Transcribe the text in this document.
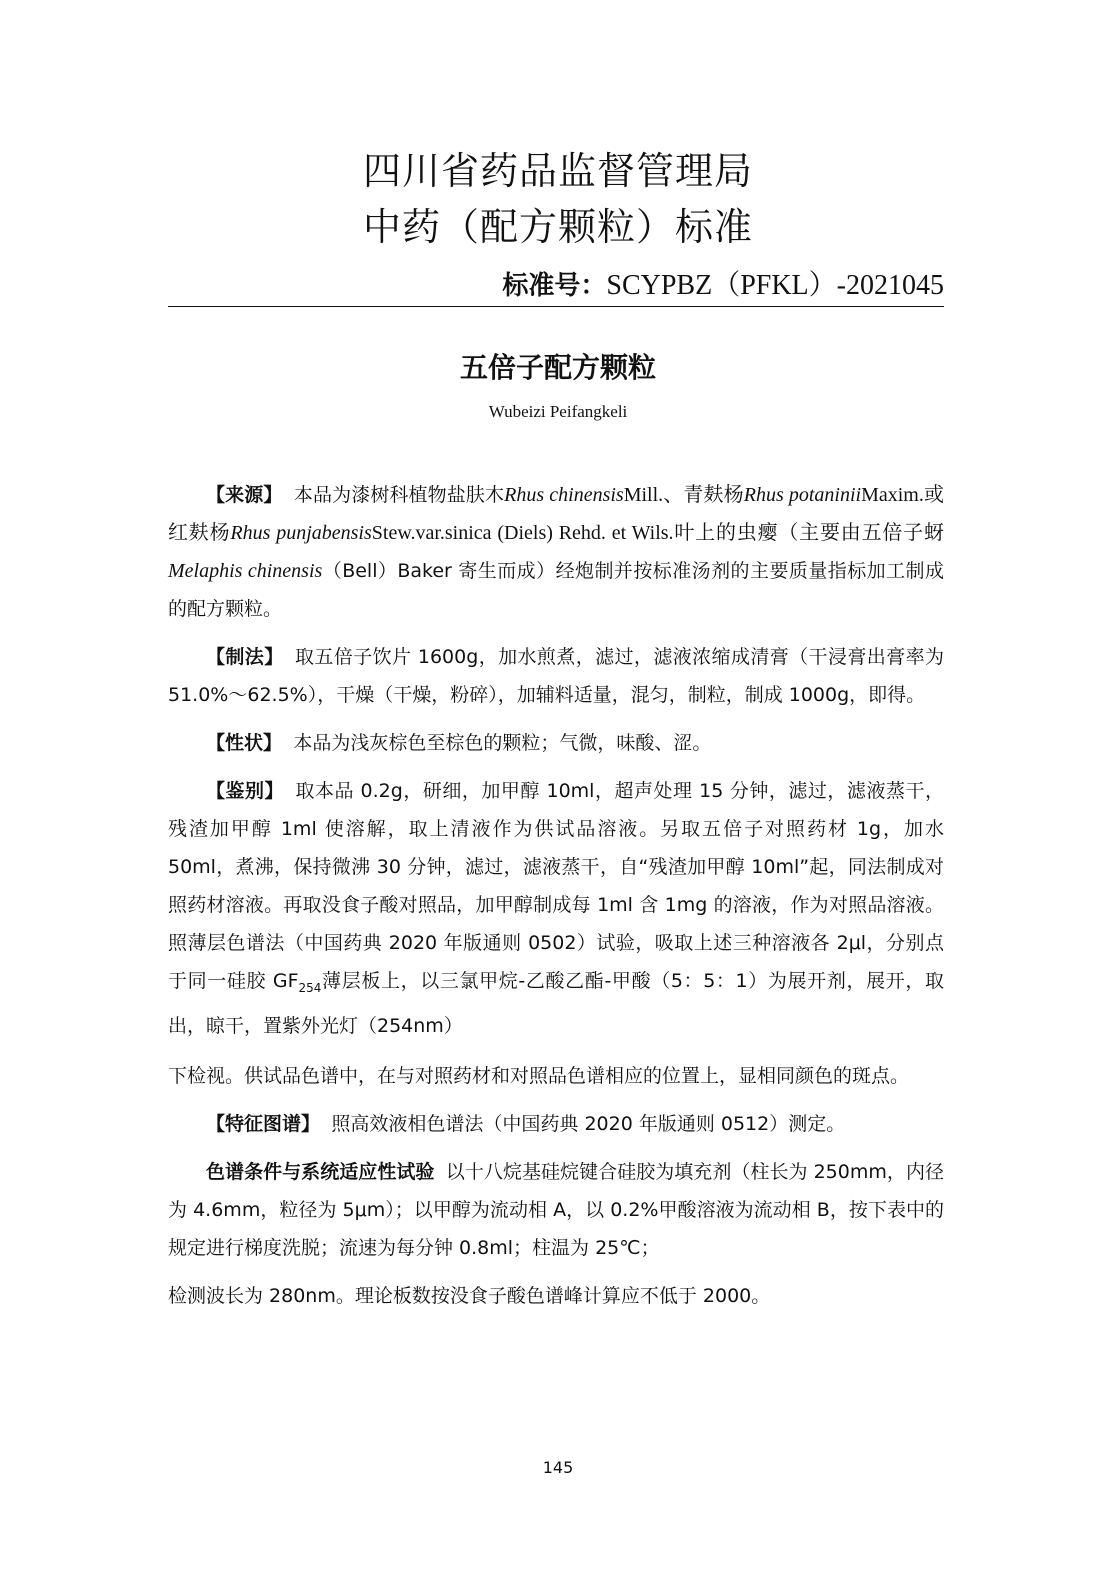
四川省药品监督管理局
中药（配方颗粒）标准
标准号：SCYPBZ（PFKL）-2021045
五倍子配方颗粒
Wubeizi Peifangkeli

【来源】 本品为漆树科植物盐肤木Rhus chinensisMill.、青麸杨Rhus potaniniiMaxim.或红麸杨Rhus punjabensisStew.var.sinica (Diels) Rehd. et Wils.叶上的虫瘿（主要由五倍子蚜Melaphis chinensis（Bell）Baker 寄生而成）经炮制并按标准汤剂的主要质量指标加工制成的配方颗粒。

【制法】 取五倍子饮片 1600g，加水煎煮，滤过，滤液浓缩成清膏（干浸膏出膏率为 51.0%～62.5%），干燥（干燥，粉碎），加辅料适量，混匀，制粒，制成 1000g，即得。

【性状】 本品为浅灰棕色至棕色的颗粒；气微，味酸、涩。

【鉴别】 取本品 0.2g，研细，加甲醇 10ml，超声处理 15 分钟，滤过，滤液蒸干，残渣加甲醇 1ml 使溶解，取上清液作为供试品溶液。另取五倍子对照药材 1g，加水 50ml，煮沸，保持微沸 30 分钟，滤过，滤液蒸干，自“残渣加甲醇 10ml”起，同法制成对照药材溶液。再取没食子酸对照品，加甲醇制成每 1ml 含 1mg 的溶液，作为对照品溶液。照薄层色谱法（中国药典 2020 年版通则 0502）试验，吸取上述三种溶液各 2μl，分别点于同一硅胶 $GF_{254}$薄层板上，以三氯甲烷-乙酸乙酯-甲酸（5：5：1）为展开剂，展开，取出，晾干，置紫外光灯（254nm）
下检视。供试品色谱中，在与对照药材和对照品色谱相应的位置上，显相同颜色的斑点。

【特征图谱】 照高效液相色谱法（中国药典 2020 年版通则 0512）测定。

色谱条件与系统适应性试验 以十八烷基硅烷键合硅胶为填充剂（柱长为 250mm，内径为 4.6mm，粒径为 5μm）；以甲醇为流动相 A，以 0.2%甲酸溶液为流动相 B，按下表中的规定进行梯度洗脱；流速为每分钟 0.8ml；柱温为 25℃；
检测波长为 280nm。理论板数按没食子酸色谱峰计算应不低于 2000。

145
